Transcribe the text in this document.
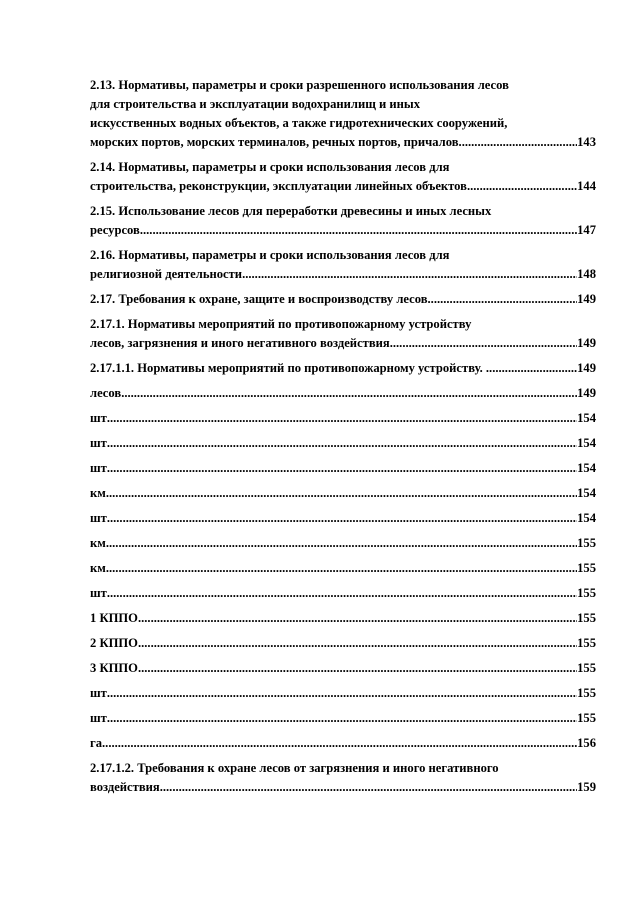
2.13. Нормативы, параметры и сроки разрешенного использования лесов
для строительства и эксплуатации водохранилищ и иных
искусственных водных объектов, а также гидротехнических сооружений,
морских портов, морских терминалов, речных портов, причалов .....	143
2.14. Нормативы, параметры и сроки использования лесов для
строительства, реконструкции, эксплуатации линейных объектов .....	144
2.15. Использование лесов для переработки древесины и иных лесных
ресурсов .....	147
2.16. Нормативы, параметры и сроки использования лесов для
религиозной деятельности .....	148
2.17. Требования к охране, защите и воспроизводству лесов .....	149
2.17.1. Нормативы мероприятий по противопожарному устройству
лесов, загрязнения и иного негативного воздействия .....	149
2.17.1.1. Нормативы мероприятий по противопожарному устройству. . .....	149
лесов .....	149
шт .....	154
шт .....	154
шт .....	154
км .....	154
шт .....	154
км .....	155
км .....	155
шт .....	155
1 КППО .....	155
2 КППО .....	155
3 КППО .....	155
шт .....	155
шт .....	155
га .....	156
2.17.1.2. Требования к охране лесов от загрязнения и иного негативного
воздействия .....	159
